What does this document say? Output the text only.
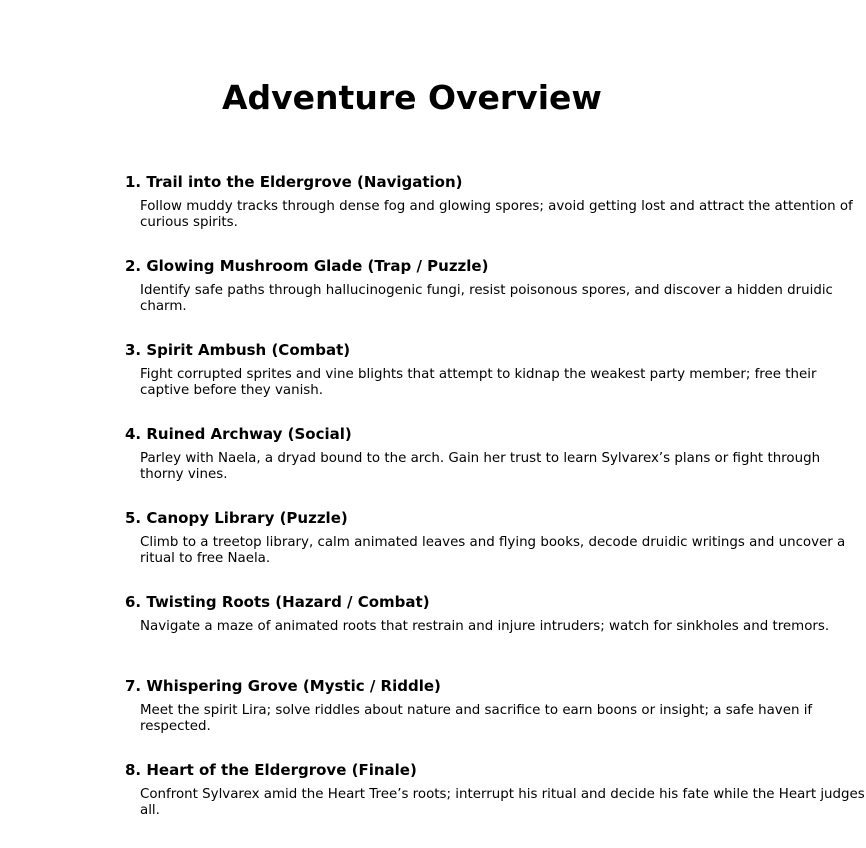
Adventure Overview
1. Trail into the Eldergrove (Navigation)

Follow muddy tracks through dense fog and glowing spores; avoid getting lost and attract the attention of curious spirits.

2. Glowing Mushroom Glade (Trap / Puzzle)

Identify safe paths through hallucinogenic fungi, resist poisonous spores, and discover a hidden druidic charm.

3. Spirit Ambush (Combat)

Fight corrupted sprites and vine blights that attempt to kidnap the weakest party member; free their captive before they vanish.

4. Ruined Archway (Social)

Parley with Naela, a dryad bound to the arch. Gain her trust to learn Sylvarex’s plans or fight through thorny vines.

5. Canopy Library (Puzzle)

Climb to a treetop library, calm animated leaves and flying books, decode druidic writings and uncover a ritual to free Naela.

6. Twisting Roots (Hazard / Combat)

Navigate a maze of animated roots that restrain and injure intruders; watch for sinkholes and tremors.

7. Whispering Grove (Mystic / Riddle)

Meet the spirit Lira; solve riddles about nature and sacrifice to earn boons or insight; a safe haven if respected.

8. Heart of the Eldergrove (Finale)

Confront Sylvarex amid the Heart Tree’s roots; interrupt his ritual and decide his fate while the Heart judges all.
